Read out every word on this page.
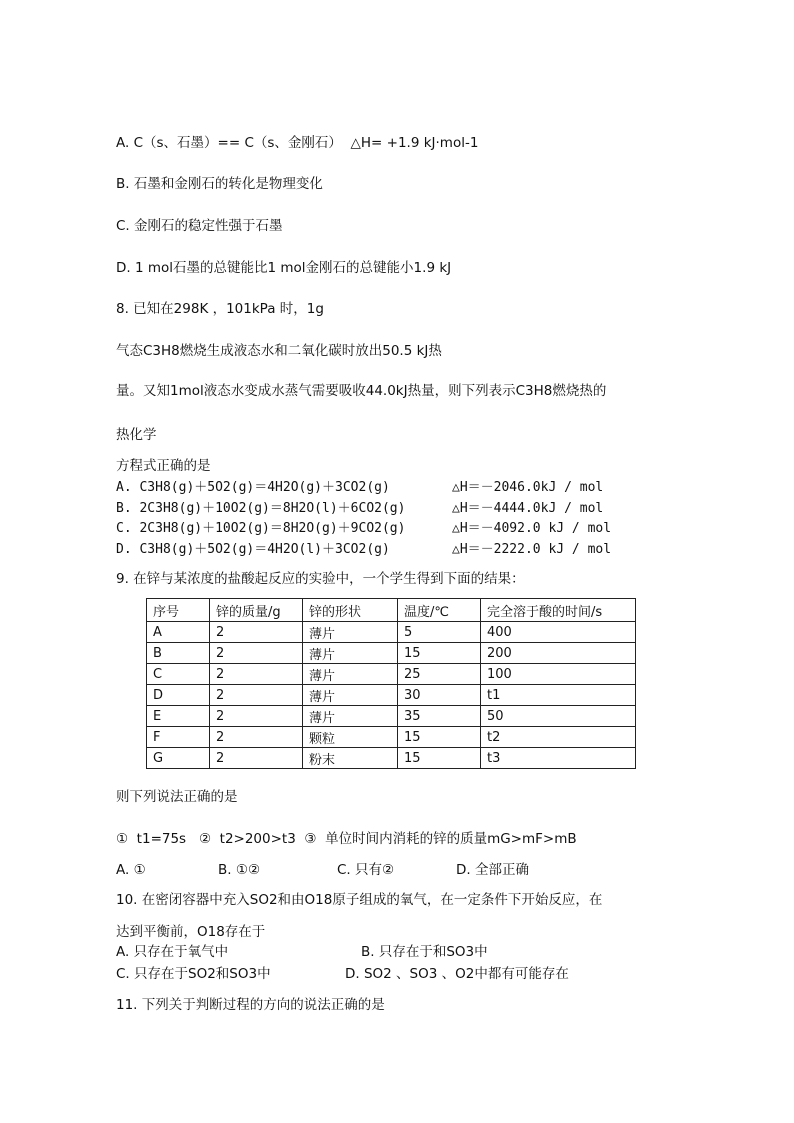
A. C（s、石墨）== C（s、金刚石）  △H= +1.9 kJ·mol-1
B. 石墨和金刚石的转化是物理变化
C. 金刚石的稳定性强于石墨
D. 1 mol石墨的总键能比1 mol金刚石的总键能小1.9 kJ
8. 已知在298K ，101kPa 时，1g
气态C3H8燃烧生成液态水和二氧化碳时放出50.5 kJ热
量。又知1mol液态水变成水蒸气需要吸收44.0kJ热量，则下列表示C3H8燃烧热的
热化学
方程式正确的是

A. C3H8(g)＋5O2(g)＝4H2O(g)＋3CO2(g)

	△H＝－2046.0kJ / mol

B. 2C3H8(g)＋10O2(g)＝8H2O(l)＋6CO2(g)

	△H＝－4444.0kJ / mol

C. 2C3H8(g)＋10O2(g)＝8H2O(g)＋9CO2(g)

	△H＝－4092.0 kJ / mol

D. C3H8(g)＋5O2(g)＝4H2O(l)＋3CO2(g)

	△H＝－2222.0 kJ / mol

9. 在锌与某浓度的盐酸起反应的实验中，一个学生得到下面的结果：
序号	锌的质量/g	锌的形状	温度/℃	完全溶于酸的时间/s
A	2	薄片	5	400
B	2	薄片	15	200
C	2	薄片	25	100
D	2	薄片	30	t1
E	2	薄片	35	50
F	2	颗粒	15	t2
G	2	粉末	15	t3
则下列说法正确的是
①  t1=75s   ②  t2>200>t3  ③  单位时间内消耗的锌的质量mG>mF>mB

A. ①

	B. ①②

	C. 只有②

	D. 全部正确

10. 在密闭容器中充入SO2和由O18原子组成的氧气，在一定条件下开始反应，在
达到平衡前，O18存在于

A. 只存在于氧气中

	B. 只存在于和SO3中

C. 只存在于SO2和SO3中

	D. SO2 、SO3 、O2中都有可能存在

11. 下列关于判断过程的方向的说法正确的是
